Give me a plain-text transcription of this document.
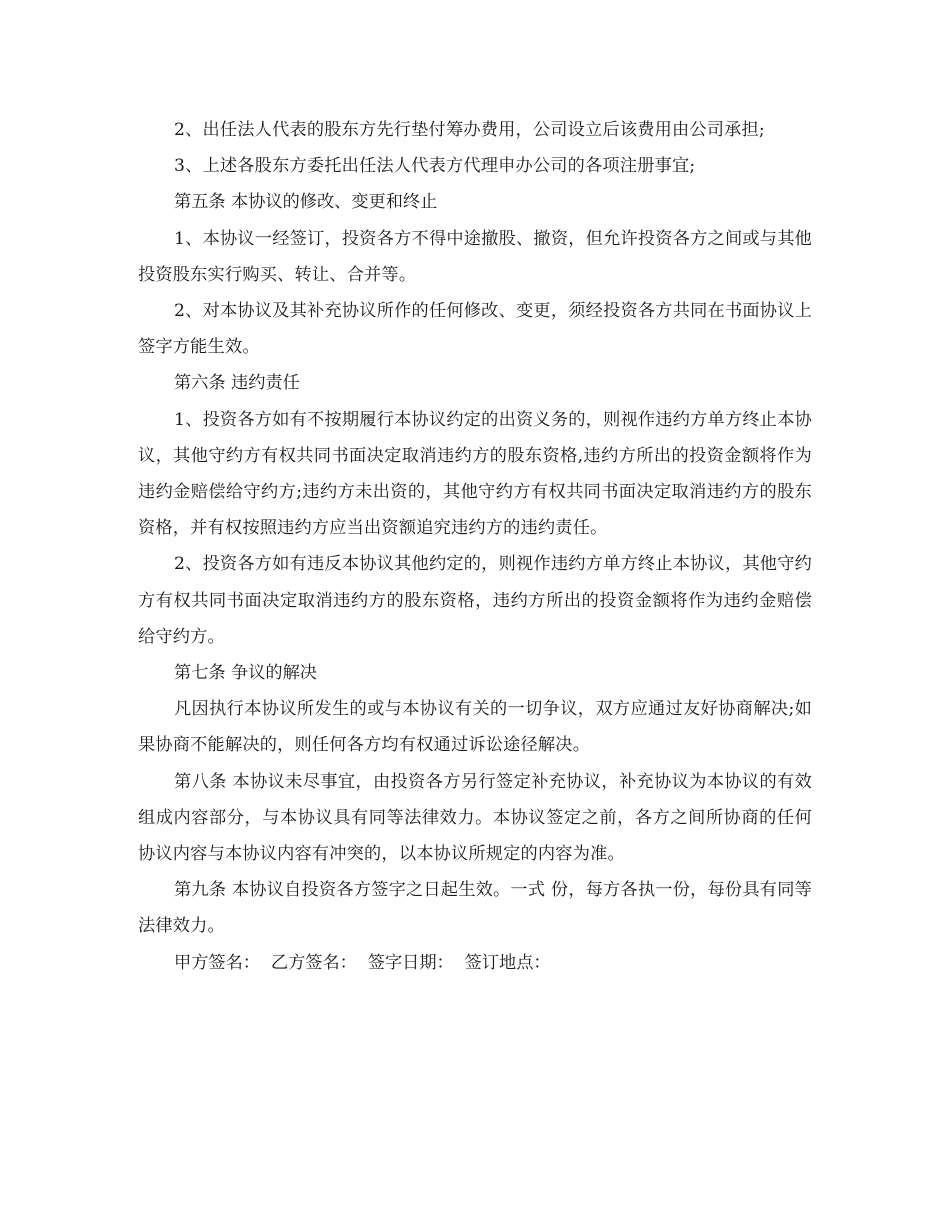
2、出任法人代表的股东方先行垫付筹办费用，公司设立后该费用由公司承担;

3、上述各股东方委托出任法人代表方代理申办公司的各项注册事宜;

第五条 本协议的修改、变更和终止

1、本协议一经签订，投资各方不得中途撤股、撤资，但允许投资各方之间或与其他投资股东实行购买、转让、合并等。

2、对本协议及其补充协议所作的任何修改、变更，须经投资各方共同在书面协议上签字方能生效。

第六条 违约责任

1、投资各方如有不按期履行本协议约定的出资义务的，则视作违约方单方终止本协议，其他守约方有权共同书面决定取消违约方的股东资格,违约方所出的投资金额将作为违约金赔偿给守约方;违约方未出资的，其他守约方有权共同书面决定取消违约方的股东资格，并有权按照违约方应当出资额追究违约方的违约责任。

2、投资各方如有违反本协议其他约定的，则视作违约方单方终止本协议，其他守约方有权共同书面决定取消违约方的股东资格，违约方所出的投资金额将作为违约金赔偿给守约方。

第七条 争议的解决

凡因执行本协议所发生的或与本协议有关的一切争议，双方应通过友好协商解决;如果协商不能解决的，则任何各方均有权通过诉讼途径解决。

第八条 本协议未尽事宜，由投资各方另行签定补充协议，补充协议为本协议的有效组成内容部分，与本协议具有同等法律效力。本协议签定之前，各方之间所协商的任何协议内容与本协议内容有冲突的，以本协议所规定的内容为准。

第九条 本协议自投资各方签字之日起生效。一式 份，每方各执一份，每份具有同等法律效力。

甲方签名： 乙方签名： 签字日期： 签订地点：
